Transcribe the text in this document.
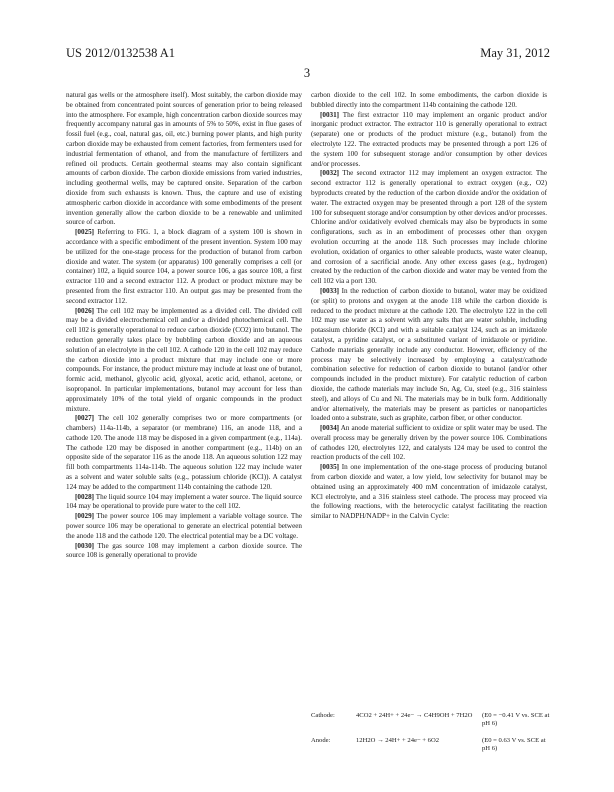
US 2012/0132538 A1	May 31, 2012
3

natural gas wells or the atmosphere itself). Most suitably, the carbon dioxide may be obtained from concentrated point sources of generation prior to being released into the atmosphere. For example, high concentration carbon dioxide sources may frequently accompany natural gas in amounts of 5% to 50%, exist in flue gases of fossil fuel (e.g., coal, natural gas, oil, etc.) burning power plants, and high purity carbon dioxide may be exhausted from cement factories, from fermenters used for industrial fermentation of ethanol, and from the manufacture of fertilizers and refined oil products. Certain geothermal steams may also contain significant amounts of carbon dioxide. The carbon dioxide emissions from varied industries, including geothermal wells, may be captured onsite. Separation of the carbon dioxide from such exhausts is known. Thus, the capture and use of existing atmospheric carbon dioxide in accordance with some embodiments of the present invention generally allow the carbon dioxide to be a renewable and unlimited source of carbon.

[0025] Referring to FIG. 1, a block diagram of a system 100 is shown in accordance with a specific embodiment of the present invention. System 100 may be utilized for the one-stage process for the production of butanol from carbon dioxide and water. The system (or apparatus) 100 generally comprises a cell (or container) 102, a liquid source 104, a power source 106, a gas source 108, a first extractor 110 and a second extractor 112. A product or product mixture may be presented from the first extractor 110. An output gas may be presented from the second extractor 112.

[0026] The cell 102 may be implemented as a divided cell. The divided cell may be a divided electrochemical cell and/or a divided photochemical cell. The cell 102 is generally operational to reduce carbon dioxide (CO2) into butanol. The reduction generally takes place by bubbling carbon dioxide and an aqueous solution of an electrolyte in the cell 102. A cathode 120 in the cell 102 may reduce the carbon dioxide into a product mixture that may include one or more compounds. For instance, the product mixture may include at least one of butanol, formic acid, methanol, glycolic acid, glyoxal, acetic acid, ethanol, acetone, or isopropanol. In particular implementations, butanol may account for less than approximately 10% of the total yield of organic compounds in the product mixture.

[0027] The cell 102 generally comprises two or more compartments (or chambers) 114a-114b, a separator (or membrane) 116, an anode 118, and a cathode 120. The anode 118 may be disposed in a given compartment (e.g., 114a). The cathode 120 may be disposed in another compartment (e.g., 114b) on an opposite side of the separator 116 as the anode 118. An aqueous solution 122 may fill both compartments 114a-114b. The aqueous solution 122 may include water as a solvent and water soluble salts (e.g., potassium chloride (KCl)). A catalyst 124 may be added to the compartment 114b containing the cathode 120.

[0028] The liquid source 104 may implement a water source. The liquid source 104 may be operational to provide pure water to the cell 102.

[0029] The power source 106 may implement a variable voltage source. The power source 106 may be operational to generate an electrical potential between the anode 118 and the cathode 120. The electrical potential may be a DC voltage.

[0030] The gas source 108 may implement a carbon dioxide source. The source 108 is generally operational to provide

carbon dioxide to the cell 102. In some embodiments, the carbon dioxide is bubbled directly into the compartment 114b containing the cathode 120.

[0031] The first extractor 110 may implement an organic product and/or inorganic product extractor. The extractor 110 is generally operational to extract (separate) one or products of the product mixture (e.g., butanol) from the electrolyte 122. The extracted products may be presented through a port 126 of the system 100 for subsequent storage and/or consumption by other devices and/or processes.

[0032] The second extractor 112 may implement an oxygen extractor. The second extractor 112 is generally operational to extract oxygen (e.g., O2) byproducts created by the reduction of the carbon dioxide and/or the oxidation of water. The extracted oxygen may be presented through a port 128 of the system 100 for subsequent storage and/or consumption by other devices and/or processes. Chlorine and/or oxidatively evolved chemicals may also be byproducts in some configurations, such as in an embodiment of processes other than oxygen evolution occurring at the anode 118. Such processes may include chlorine evolution, oxidation of organics to other saleable products, waste water cleanup, and corrosion of a sacrificial anode. Any other excess gases (e.g., hydrogen) created by the reduction of the carbon dioxide and water may be vented from the cell 102 via a port 130.

[0033] In the reduction of carbon dioxide to butanol, water may be oxidized (or split) to protons and oxygen at the anode 118 while the carbon dioxide is reduced to the product mixture at the cathode 120. The electrolyte 122 in the cell 102 may use water as a solvent with any salts that are water soluble, including potassium chloride (KCl) and with a suitable catalyst 124, such as an imidazole catalyst, a pyridine catalyst, or a substituted variant of imidazole or pyridine. Cathode materials generally include any conductor. However, efficiency of the process may be selectively increased by employing a catalyst/cathode combination selective for reduction of carbon dioxide to butanol (and/or other compounds included in the product mixture). For catalytic reduction of carbon dioxide, the cathode materials may include Sn, Ag, Cu, steel (e.g., 316 stainless steel), and alloys of Cu and Ni. The materials may be in bulk form. Additionally and/or alternatively, the materials may be present as particles or nanoparticles loaded onto a substrate, such as graphite, carbon fiber, or other conductor.

[0034] An anode material sufficient to oxidize or split water may be used. The overall process may be generally driven by the power source 106. Combinations of cathodes 120, electrolytes 122, and catalysts 124 may be used to control the reaction products of the cell 102.

[0035] In one implementation of the one-stage process of producing butanol from carbon dioxide and water, a low yield, low selectivity for butanol may be obtained using an approximately 400 mM concentration of imidazole catalyst, KCl electrolyte, and a 316 stainless steel cathode. The process may proceed via the following reactions, with the heterocyclic catalyst facilitating the reaction similar to NADPH/NADP+ in the Calvin Cycle:

Cathode:	4CO2 + 24H+ + 24e− → C4H9OH + 7H2O	(E0 = −0.41 V vs. SCE at pH 6)
Anode:	12H2O → 24H+ + 24e− + 6O2	(E0 = 0.63 V vs. SCE at pH 6)
